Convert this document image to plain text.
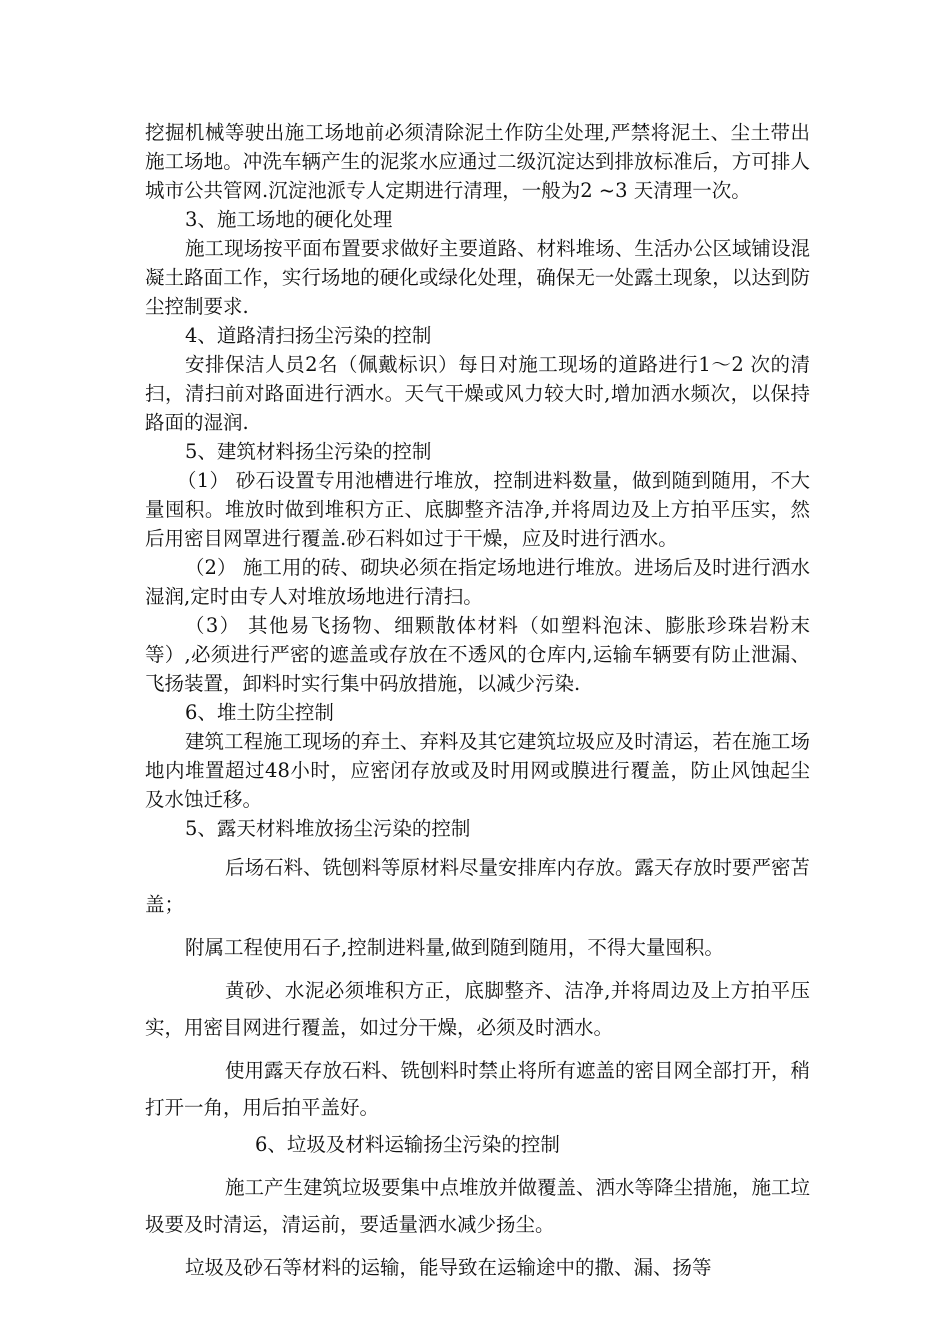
挖掘机械等驶出施工场地前必须清除泥土作防尘处理,严禁将泥土、尘土带出施工场地。冲洗车辆产生的泥浆水应通过二级沉淀达到排放标准后，方可排人城市公共管网.沉淀池派专人定期进行清理，一般为2 ~3 天清理一次。

3、施工场地的硬化处理

施工现场按平面布置要求做好主要道路、材料堆场、生活办公区域铺设混凝土路面工作，实行场地的硬化或绿化处理，确保无一处露土现象，以达到防尘控制要求.

4、道路清扫扬尘污染的控制

安排保洁人员2名（佩戴标识）每日对施工现场的道路进行1～2 次的清扫，清扫前对路面进行洒水。天气干燥或风力较大时,增加洒水频次，以保持路面的湿润.

5、建筑材料扬尘污染的控制

（1） 砂石设置专用池槽进行堆放，控制进料数量，做到随到随用，不大量囤积。堆放时做到堆积方正、底脚整齐洁净,并将周边及上方拍平压实，然后用密目网罩进行覆盖.砂石料如过于干燥，应及时进行洒水。

（2） 施工用的砖、砌块必须在指定场地进行堆放。进场后及时进行洒水湿润,定时由专人对堆放场地进行清扫。

（3） 其他易飞扬物、细颗散体材料（如塑料泡沫、膨胀珍珠岩粉末等）,必须进行严密的遮盖或存放在不透风的仓库内,运输车辆要有防止泄漏、飞扬装置，卸料时实行集中码放措施，以减少污染.

6、堆土防尘控制

建筑工程施工现场的弃土、弃料及其它建筑垃圾应及时清运，若在施工场地内堆置超过48小时，应密闭存放或及时用网或膜进行覆盖，防止风蚀起尘及水蚀迁移。

5、露天材料堆放扬尘污染的控制

后场石料、铣刨料等原材料尽量安排库内存放。露天存放时要严密苫盖；

附属工程使用石子,控制进料量,做到随到随用，不得大量囤积。

黄砂、水泥必须堆积方正，底脚整齐、洁净,并将周边及上方拍平压实，用密目网进行覆盖，如过分干燥，必须及时洒水。

使用露天存放石料、铣刨料时禁止将所有遮盖的密目网全部打开，稍打开一角，用后拍平盖好。

6、垃圾及材料运输扬尘污染的控制

施工产生建筑垃圾要集中点堆放并做覆盖、洒水等降尘措施，施工垃圾要及时清运，清运前，要适量洒水减少扬尘。

垃圾及砂石等材料的运输，能导致在运输途中的撒、漏、扬等
